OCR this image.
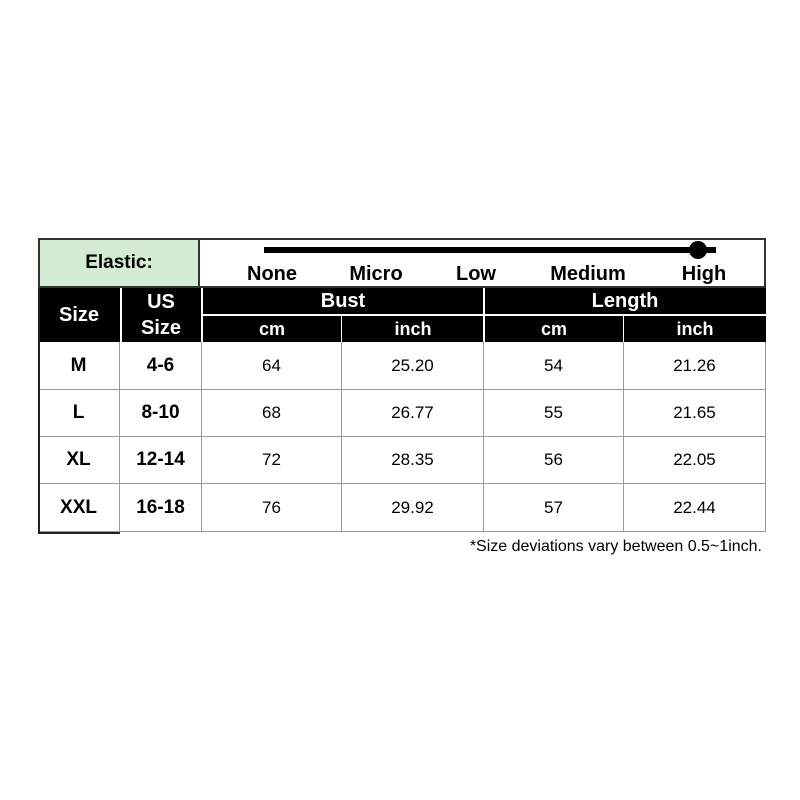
Elastic:	None	Micro	Low	Medium	High
Size
US
Size
Bust	Length
cm	inch	cm	inch
M	4-6	64	25.20	54	21.26
L	8-10	68	26.77	55	21.65
XL	12-14	72	28.35	56	22.05
XXL	16-18	76	29.92	57	22.44
*Size deviations vary between 0.5~1inch.
